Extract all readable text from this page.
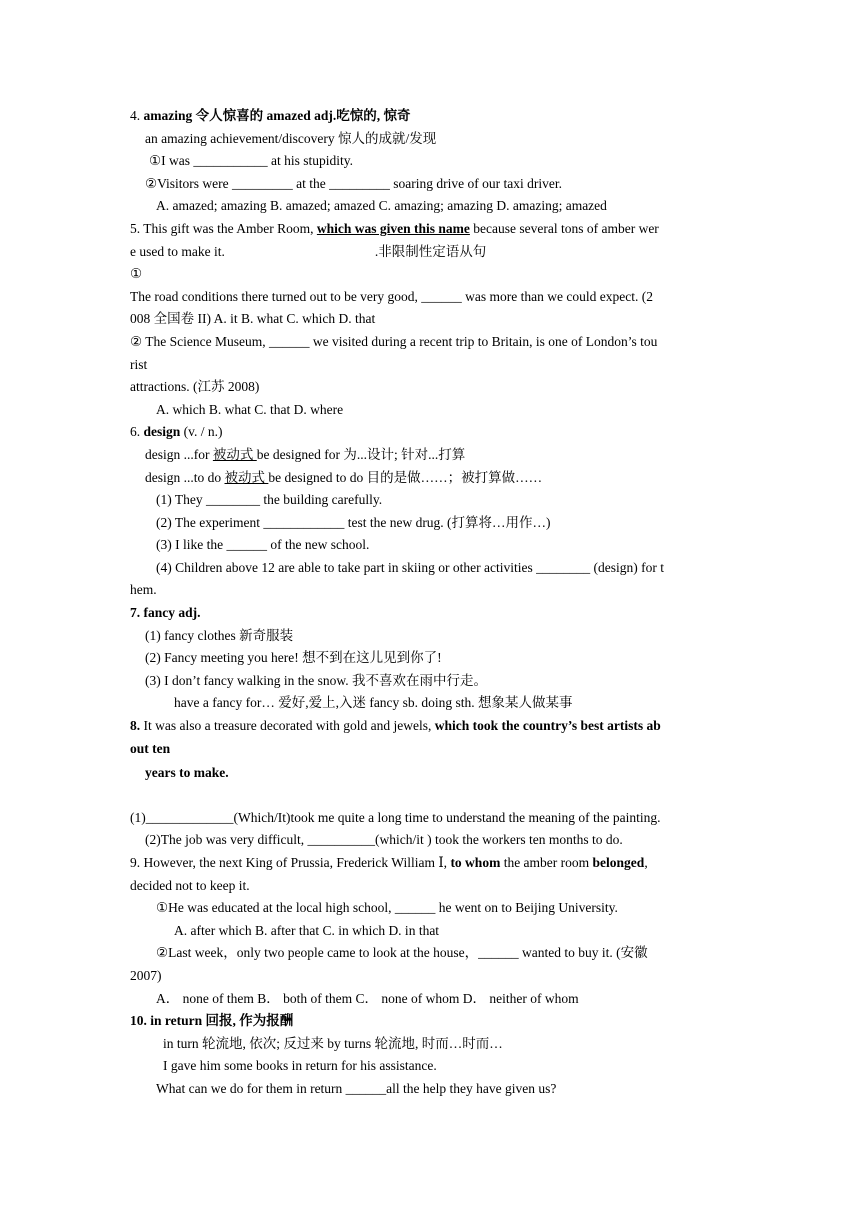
4. amazing 令人惊喜的 amazed adj.吃惊的, 惊奇
an amazing achievement/discovery 惊人的成就/发现
①I was ___________ at his stupidity.
②Visitors were _________ at the _________ soaring drive of our taxi driver.
A. amazed; amazing B. amazed; amazed C. amazing; amazing D. amazing; amazed
5. This gift was the Amber Room, which was given this name because several tons of amber wer
e used to make it.	.非限制性定语从句
①
The road conditions there turned out to be very good, ______ was more than we could expect. (2
008 全国卷 II) A. it B. what C. which D. that
② The Science Museum, ______ we visited during a recent trip to Britain, is one of London’s tou
rist
attractions. (江苏 2008)
A. which B. what C. that D. where
6. design (v. / n.)
design ...for 被动式 be designed for 为...设计; 针对...打算
design ...to do 被动式 be designed to do 目的是做……；被打算做……
(1) They ________ the building carefully.
(2) The experiment ____________ test the new drug. (打算将…用作…)
(3) I like the ______ of the new school.
(4) Children above 12 are able to take part in skiing or other activities ________ (design) for t
hem.
7. fancy adj.
(1) fancy clothes 新奇服装
(2) Fancy meeting you here! 想不到在这儿见到你了!
(3) I don’t fancy walking in the snow. 我不喜欢在雨中行走。
have a fancy for… 爱好,爱上,入迷 fancy sb. doing sth. 想象某人做某事
8. It was also a treasure decorated with gold and jewels, which took the country’s best artists ab
out ten
years to make.
(1)_____________(Which/It)took me quite a long time to understand the meaning of the painting.
(2)The job was very difficult, __________(which/it ) took the workers ten months to do.
9. However, the next King of Prussia, Frederick William Ⅰ, to whom the amber room belonged,
decided not to keep it.
①He was educated at the local high school, ______ he went on to Beijing University.
A. after which B. after that C. in which D. in that
②Last week，only two people came to look at the house，______ wanted to buy it. (安徽
2007)
A． none of them B． both of them C． none of whom D． neither of whom
10. in return 回报, 作为报酬
in turn 轮流地, 依次; 反过来 by turns 轮流地, 时而…时而…
I gave him some books in return for his assistance.
What can we do for them in return ______all the help they have given us?
